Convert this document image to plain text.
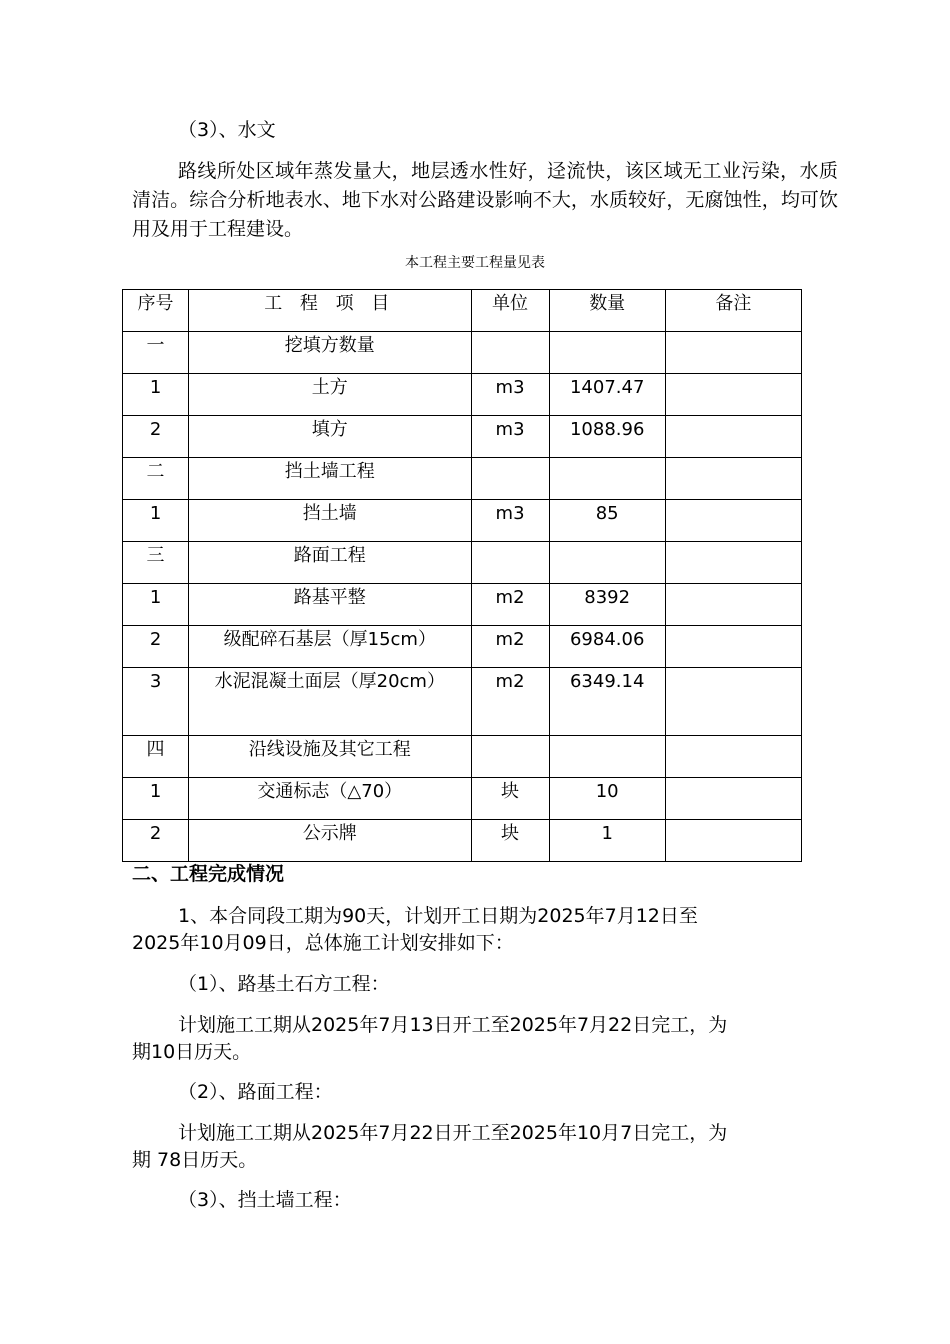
（3）、水文

路线所处区域年蒸发量大，地层透水性好，迳流快，该区域无工业污染，水质清洁。综合分析地表水、地下水对公路建设影响不大，水质较好，无腐蚀性，均可饮用及用于工程建设。

本工程主要工程量见表
序号	工 程 项 目	单位	数量	备注
一	挖填方数量			
1	土方	m3	1407.47	
2	填方	m3	1088.96	
二	挡土墙工程			
1	挡土墙	m3	85	
三	路面工程			
1	路基平整	m2	8392	
2	级配碎石基层（厚15cm）	m2	6984.06	
3	水泥混凝土面层（厚20cm）	m2	6349.14	
四	沿线设施及其它工程			
1	交通标志（△70）	块	10	
2	公示牌	块	1	

二、工程完成情况

1、本合同段工期为90天，计划开工日期为2025年7月12日至

2025年10月09日，总体施工计划安排如下：

（1）、路基土石方工程：

计划施工工期从2025年7月13日开工至2025年7月22日完工，为

期10日历天。

（2）、路面工程：

计划施工工期从2025年7月22日开工至2025年10月7日完工，为

期 78日历天。

（3）、挡土墙工程：
